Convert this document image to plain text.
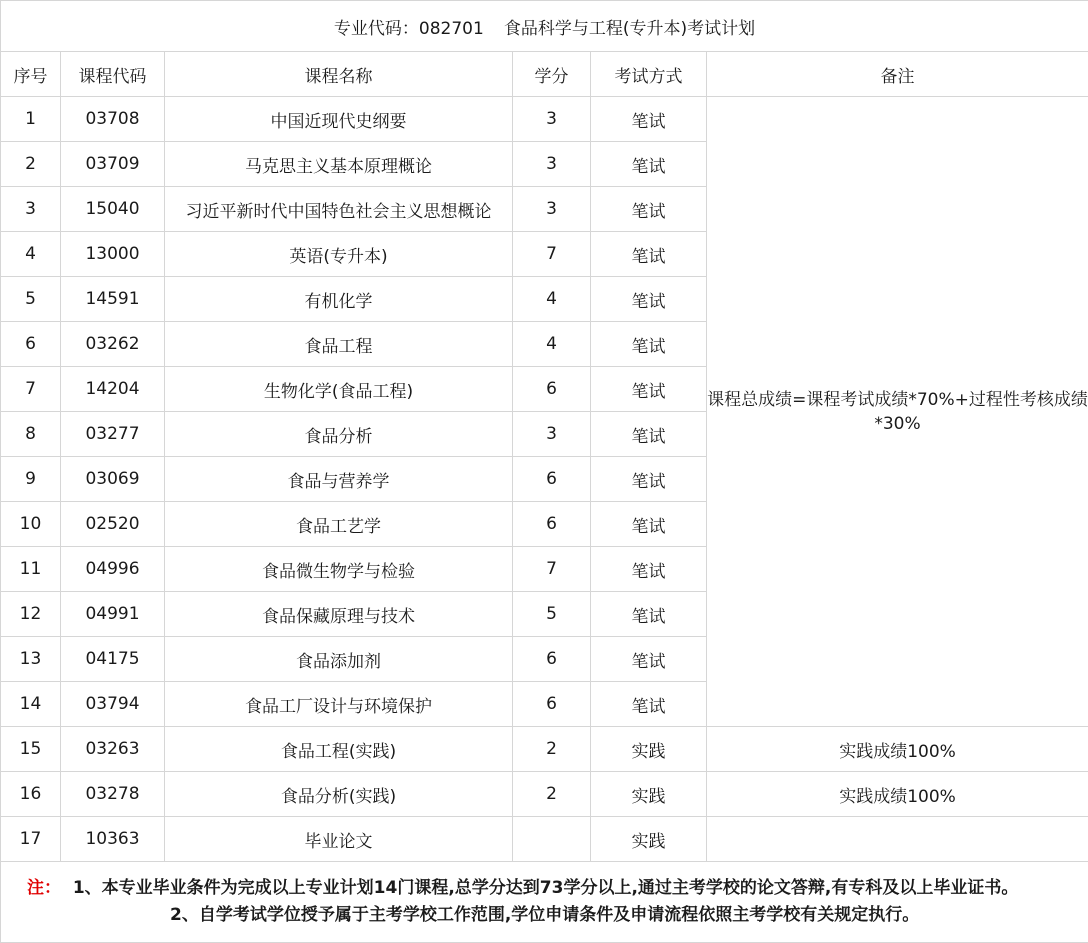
专业代码：082701 食品科学与工程(专升本)考试计划					
序号	课程代码	课程名称	学分	考试方式	备注
1	03708	中国近现代史纲要	3	笔试	课程总成绩=课程考试成绩*70%+过程性考核成绩*30%
2	03709	马克思主义基本原理概论	3	笔试	
3	15040	习近平新时代中国特色社会主义思想概论	3	笔试	
4	13000	英语(专升本)	7	笔试	
5	14591	有机化学	4	笔试	
6	03262	食品工程	4	笔试	
7	14204	生物化学(食品工程)	6	笔试	
8	03277	食品分析	3	笔试	
9	03069	食品与营养学	6	笔试	
10	02520	食品工艺学	6	笔试	
11	04996	食品微生物学与检验	7	笔试	
12	04991	食品保藏原理与技术	5	笔试	
13	04175	食品添加剂	6	笔试	
14	03794	食品工厂设计与环境保护	6	笔试	
15	03263	食品工程(实践)	2	实践	实践成绩100%
16	03278	食品分析(实践)	2	实践	实践成绩100%
17	10363	毕业论文		实践	

注： 1、本专业毕业条件为完成以上专业计划14门课程,总学分达到73学分以上,通过主考学校的论文答辩,有专科及以上毕业证书。
2、自学考试学位授予属于主考学校工作范围,学位申请条件及申请流程依照主考学校有关规定执行。					
